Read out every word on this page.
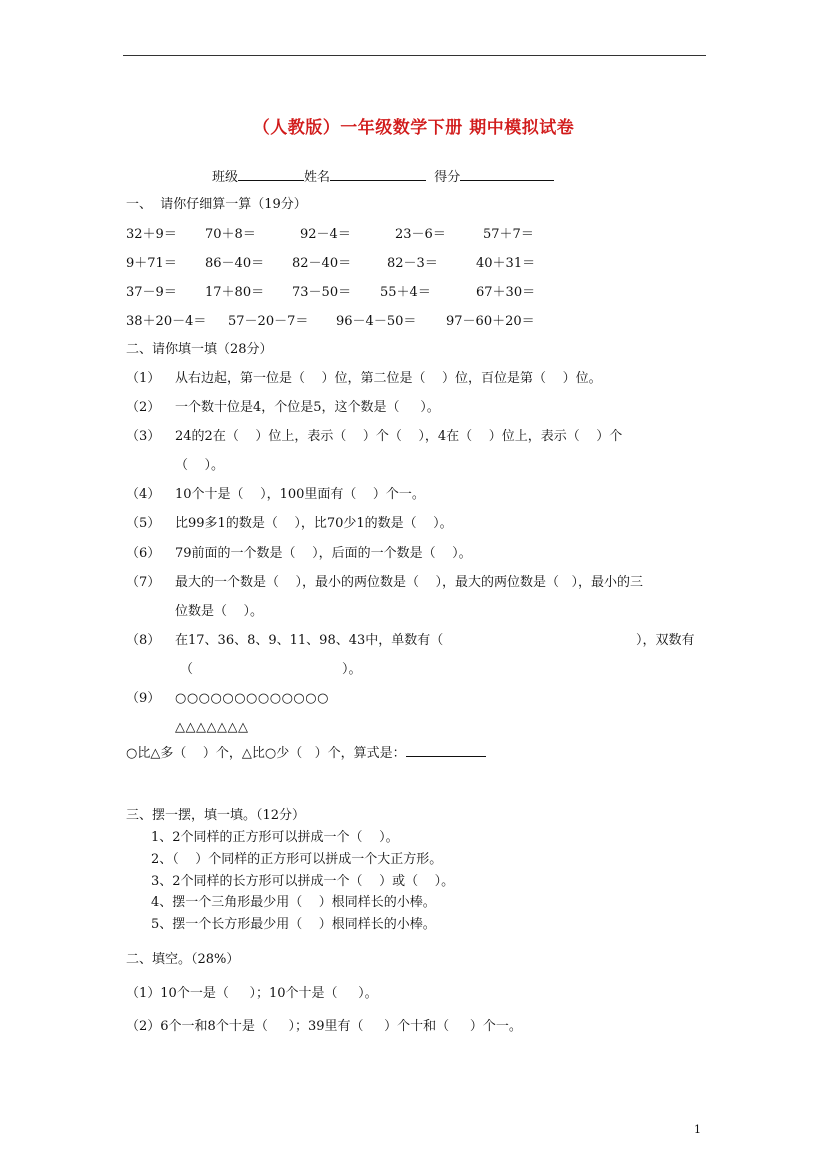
（人教版）一年级数学下册 期中模拟试卷
班级	姓名	得分
一、  请你仔细算一算（19分）
32＋9＝ 70＋8＝	92－4＝	23－6＝	57＋7＝
9＋71＝ 86－40＝ 82－40＝	82－3＝	40＋31＝
37－9＝ 17＋80＝ 73－50＝ 55＋4＝	67＋30＝
38＋20－4＝ 57－20－7＝ 96－4－50＝ 97－60＋20＝
二、请你填一填（28分）
（1） 从右边起，第一位是（    ）位，第二位是（    ）位，百位是第（    ）位。
（2） 一个数十位是4，个位是5，这个数是（     ）。
（3） 24的2在（    ）位上，表示（    ）个（    ），4在（    ）位上，表示（    ）个
（    ）。
（4） 10个十是（    ），100里面有（    ）个一。
（5） 比99多1的数是（    ），比70少1的数是（    ）。
（6） 79前面的一个数是（    ），后面的一个数是（    ）。
（7） 最大的一个数是（    ），最小的两位数是（    ），最大的两位数是（   ），最小的三
位数是（    ）。
（8） 在17、36、8、9、11、98、43中，单数有（	），双数有
（	）。
（9） ○○○○○○○○○○○○○
△△△△△△△
○比△多（    ）个，△比○少（   ）个，算式是：
三、摆一摆，填一填。（12分）
1、2个同样的正方形可以拼成一个（    ）。
2、（    ）个同样的正方形可以拼成一个大正方形。
3、2个同样的长方形可以拼成一个（    ）或（    ）。
4、摆一个三角形最少用（    ）根同样长的小棒。
5、摆一个长方形最少用（    ）根同样长的小棒。
二、填空。（28%）
（1）10个一是（     ）；10个十是（     ）。
（2）6个一和8个十是（     ）；39里有（     ）个十和（     ）个一。
1
